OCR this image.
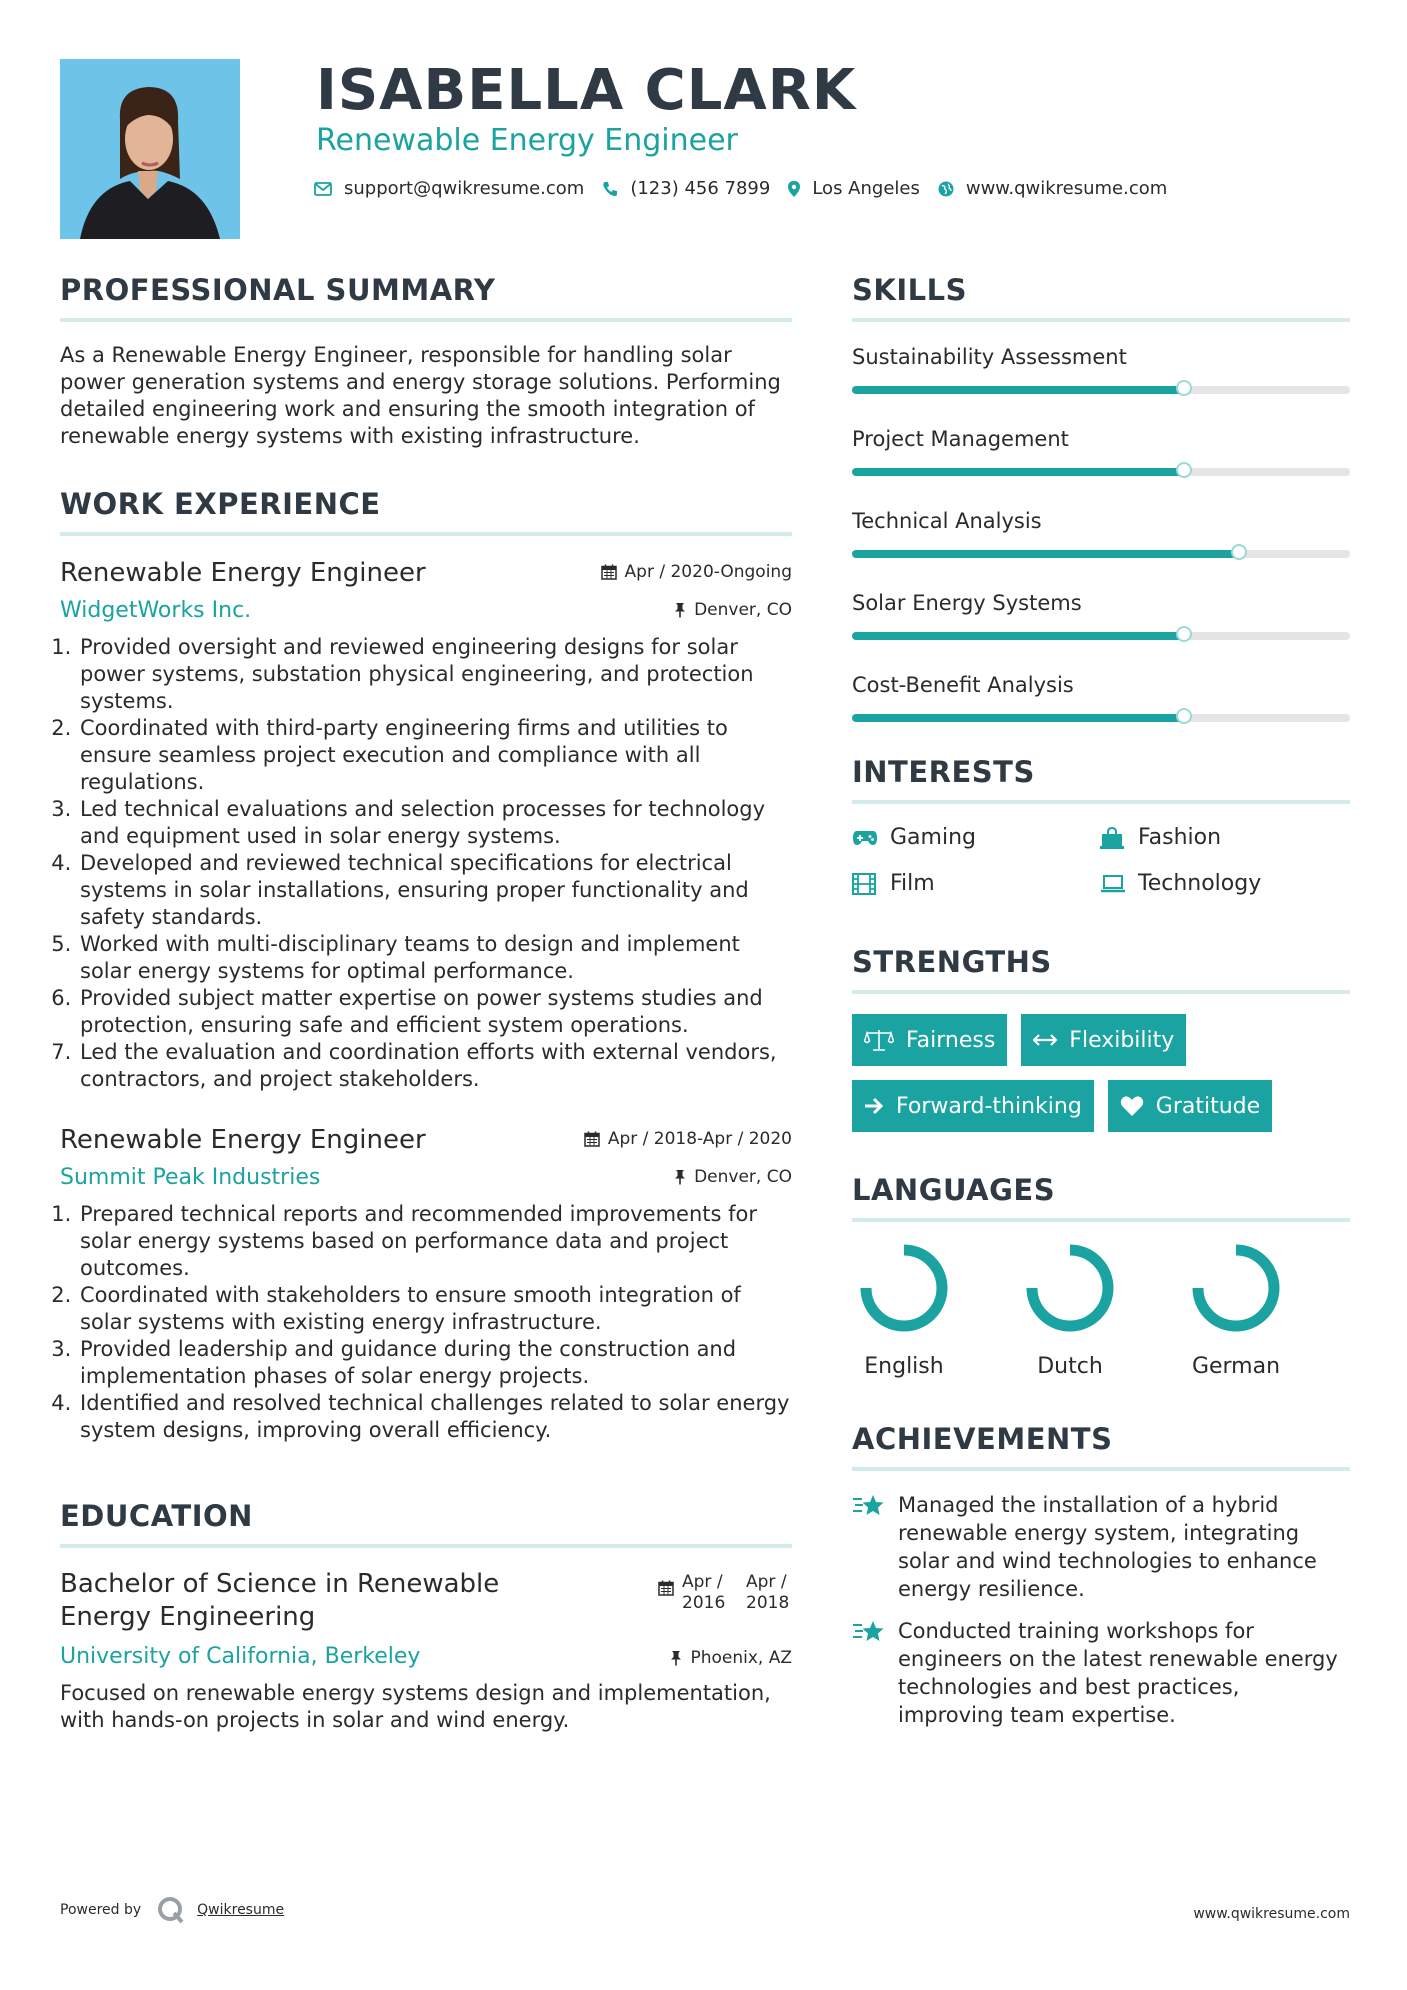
ISABELLA CLARK
Renewable Energy Engineer
support@qwikresume.com	(123) 456 7899 Los Angeles	www.qwikresume.com
PROFESSIONAL SUMMARY
As a Renewable Energy Engineer, responsible for handling solar power generation systems and energy storage solutions. Performing detailed engineering work and ensuring the smooth integration of renewable energy systems with existing infrastructure.
WORK EXPERIENCE
Renewable Energy Engineer	Apr / 2020-Ongoing
WidgetWorks Inc.	Denver, CO
1. Provided oversight and reviewed engineering designs for solar power systems, substation physical engineering, and protection systems.
2. Coordinated with third-party engineering firms and utilities to ensure seamless project execution and compliance with all regulations.
3. Led technical evaluations and selection processes for technology and equipment used in solar energy systems.
4. Developed and reviewed technical specifications for electrical systems in solar installations, ensuring proper functionality and safety standards.
5. Worked with multi-disciplinary teams to design and implement solar energy systems for optimal performance.
6. Provided subject matter expertise on power systems studies and protection, ensuring safe and efficient system operations.
7. Led the evaluation and coordination efforts with external vendors, contractors, and project stakeholders.
Renewable Energy Engineer	Apr / 2018-Apr / 2020
Summit Peak Industries	Denver, CO
1. Prepared technical reports and recommended improvements for solar energy systems based on performance data and project outcomes.
2. Coordinated with stakeholders to ensure smooth integration of solar systems with existing energy infrastructure.
3. Provided leadership and guidance during the construction and implementation phases of solar energy projects.
4. Identified and resolved technical challenges related to solar energy system designs, improving overall efficiency.
EDUCATION
Bachelor of Science in Renewable Energy Engineering
Apr / 2016
Apr / 2018
University of California, Berkeley	Phoenix, AZ
Focused on renewable energy systems design and implementation, with hands-on projects in solar and wind energy.
SKILLS
Sustainability Assessment
Project Management
Technical Analysis
Solar Energy Systems
Cost-Benefit Analysis
INTERESTS
Gaming	Fashion
Film	Technology
STRENGTHS
Fairness	Flexibility
Forward-thinking	Gratitude
LANGUAGES
English	Dutch	German
ACHIEVEMENTS
Managed the installation of a hybrid renewable energy system, integrating solar and wind technologies to enhance energy resilience.
Conducted training workshops for engineers on the latest renewable energy technologies and best practices, improving team expertise.
Powered by	Qwikresume	www.qwikresume.com
